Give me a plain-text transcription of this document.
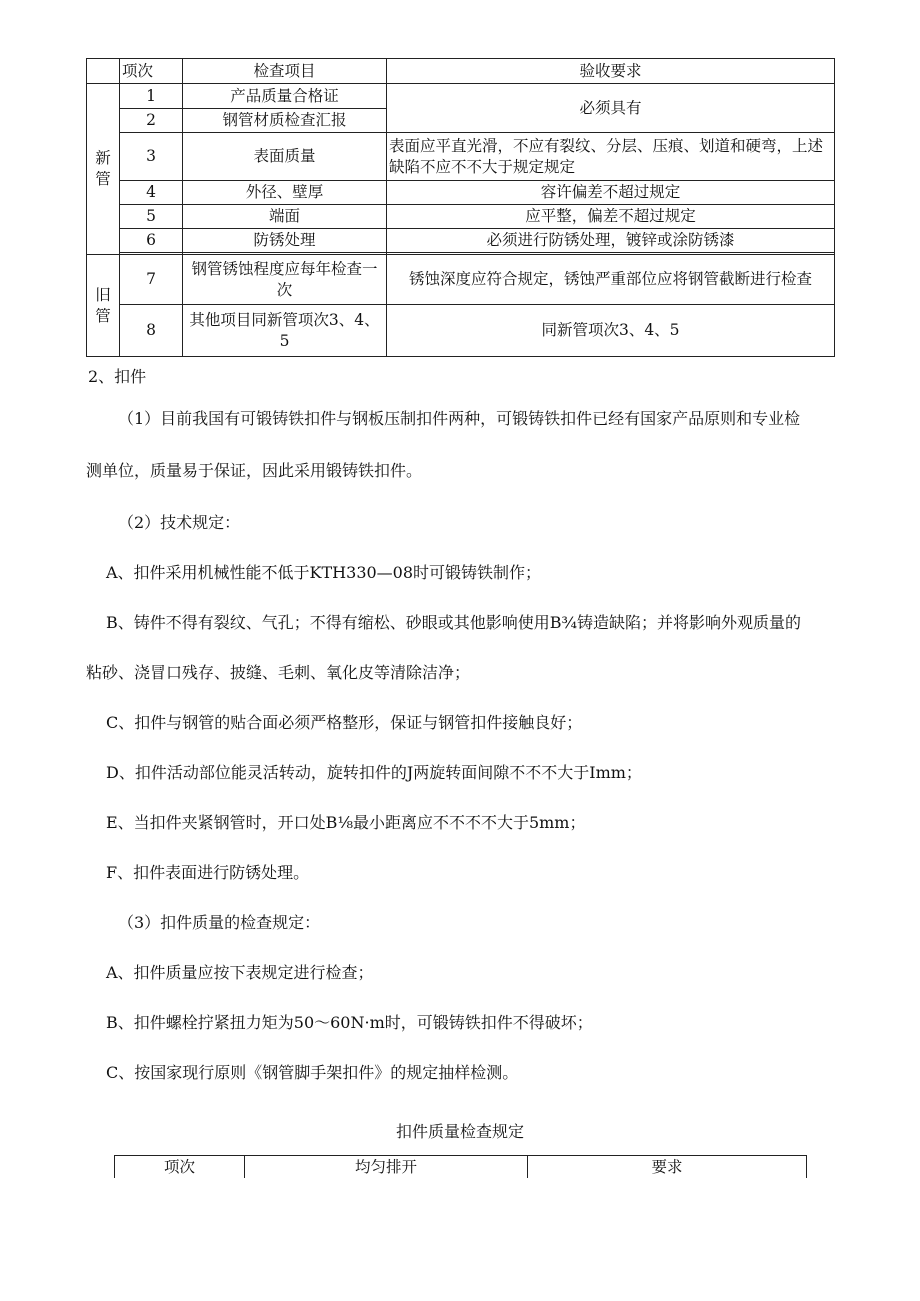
	项次	检查项目	验收要求
新管	1	产品质量合格证	必须具有
	2	钢管材质检查汇报	
	3	表面质量	表面应平直光滑，不应有裂纹、分层、压痕、划道和硬弯，上述缺陷不应不不大于规定规定
	4	外径、壁厚	容许偏差不超过规定
	5	端面	应平整，偏差不超过规定
	6	防锈处理	必须进行防锈处理，镀锌或涂防锈漆

旧管	7	钢管锈蚀程度应每年检查一次	锈蚀深度应符合规定，锈蚀严重部位应将钢管截断进行检查
	8	其他项目同新管项次3、4、5	同新管项次3、4、5
2、扣件
（1）目前我国有可锻铸铁扣件与钢板压制扣件两种，可锻铸铁扣件已经有国家产品原则和专业检
测单位，质量易于保证，因此采用锻铸铁扣件。
（2）技术规定：
A、扣件采用机械性能不低于KTH330—08时可锻铸铁制作；
B、铸件不得有裂纹、气孔；不得有缩松、砂眼或其他影响使用B¾铸造缺陷；并将影响外观质量的
粘砂、浇冒口残存、披缝、毛刺、氧化皮等清除洁净；
C、扣件与钢管的贴合面必须严格整形，保证与钢管扣件接触良好；
D、扣件活动部位能灵活转动，旋转扣件的J两旋转面间隙不不不大于Imm；
E、当扣件夹紧钢管时，开口处B⅛最小距离应不不不不大于5mm；
F、扣件表面进行防锈处理。
（3）扣件质量的检查规定：
A、扣件质量应按下表规定进行检查；
B、扣件螺栓拧紧扭力矩为50～60N·m时，可锻铸铁扣件不得破坏；
C、按国家现行原则《钢管脚手架扣件》的规定抽样检测。
扣件质量检查规定
项次	均匀排开	要求
